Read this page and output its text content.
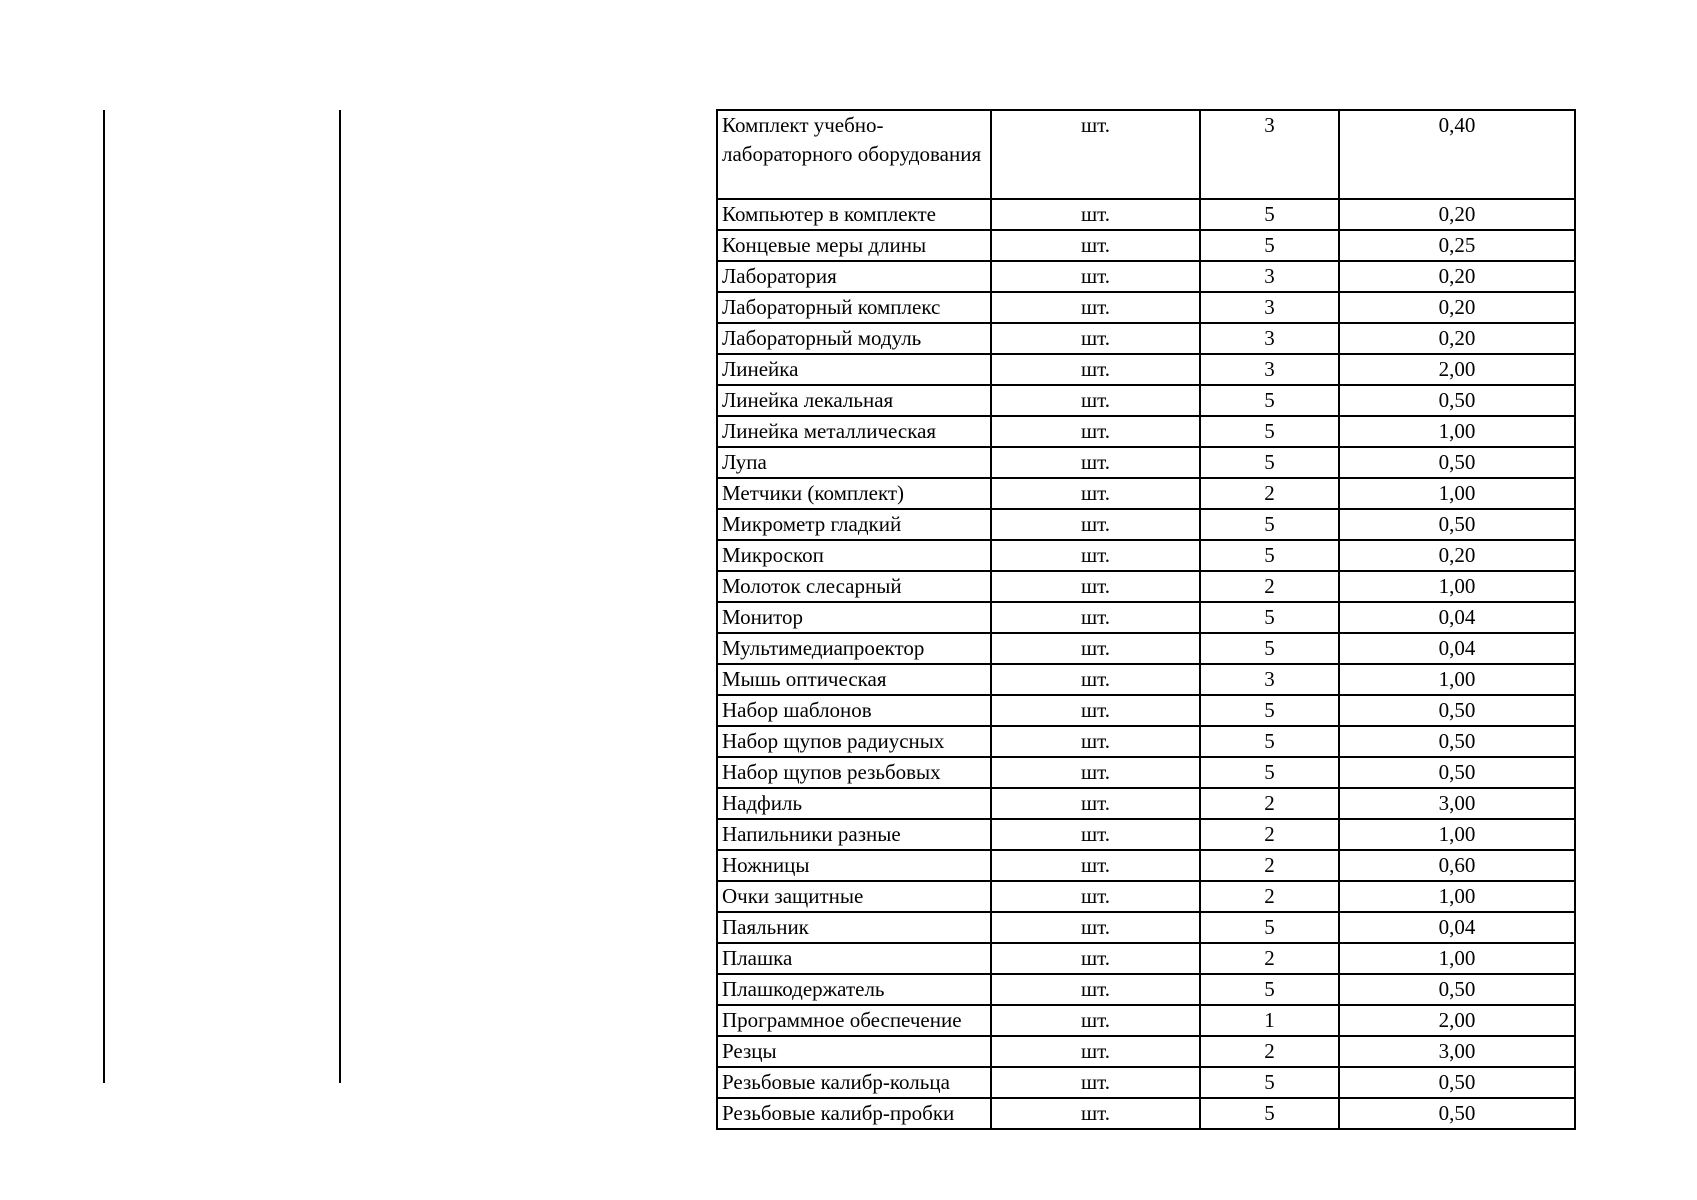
Комплект учебно-лабораторного оборудования	шт.	3	0,40
Компьютер в комплекте	шт.	5	0,20
Концевые меры длины	шт.	5	0,25
Лаборатория	шт.	3	0,20
Лабораторный комплекс	шт.	3	0,20
Лабораторный модуль	шт.	3	0,20
Линейка	шт.	3	2,00
Линейка лекальная	шт.	5	0,50
Линейка металлическая	шт.	5	1,00
Лупа	шт.	5	0,50
Метчики (комплект)	шт.	2	1,00
Микрометр гладкий	шт.	5	0,50
Микроскоп	шт.	5	0,20
Молоток слесарный	шт.	2	1,00
Монитор	шт.	5	0,04
Мультимедиапроектор	шт.	5	0,04
Мышь оптическая	шт.	3	1,00
Набор шаблонов	шт.	5	0,50
Набор щупов радиусных	шт.	5	0,50
Набор щупов резьбовых	шт.	5	0,50
Надфиль	шт.	2	3,00
Напильники разные	шт.	2	1,00
Ножницы	шт.	2	0,60
Очки защитные	шт.	2	1,00
Паяльник	шт.	5	0,04
Плашка	шт.	2	1,00
Плашкодержатель	шт.	5	0,50
Программное обеспечение	шт.	1	2,00
Резцы	шт.	2	3,00
Резьбовые калибр-кольца	шт.	5	0,50
Резьбовые калибр-пробки	шт.	5	0,50
